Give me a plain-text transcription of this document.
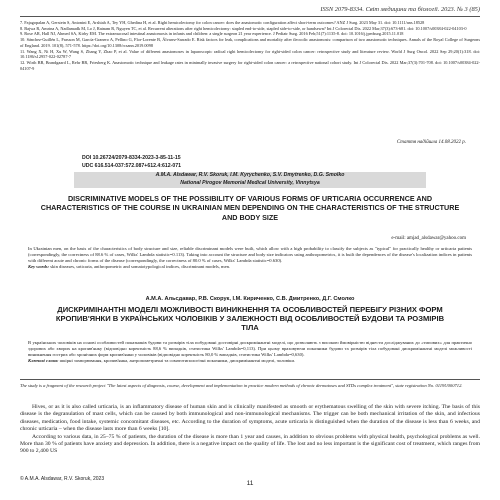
ISSN 2079-8334. Світ медицини та біології. 2023. № 3 (85)

7. Fajagopalan A, Gerstein S, Antonini E, Arshiah A, Tey YH, Ghedina H, et al. Right hemicolectomy for colon cancer: does the anastomotic configuration affect short-term outcomes? ANZ J Surg. 2023 May 31. doi: 10.1111/ans.18528

8. Bajwa R, Amrina A, Nadlamadk M, Lo J, Ratnam R, Nguyen TC, et al. Recurrent alterations after right hemicolectomy: stapled end-to-side, stapled side-to-side, or handsewn? Int J Colorectal Dis. 2022 Mar;37(3):673-681. doi: 10.1007/s00384-022-04103-0

9. Rose AR, Hall NJ, Ahmed SA, Kirby EM. The extramucosal intestinal anastomosis in infants and children: a single surgeon 21 year experience. J Pediatr Surg. 2016 Feb;51(7):1135-8. doi: 10.1016/j.jpedsurg.2015.11.018

10. Sánchez-Guillén L, Frasson M, García-Granero A, Pellino G, Flor-Lorente B, Álvarez-Sarrado E. Risk factors for leak, complications and mortality after ileocolic anastomosis: comparison of two anastomotic techniques. Annals of the Royal College of Surgeons of England. 2019. 101(8), 571-578. https://doi.org/10.1308/rcsann.2019.0098

11. Wang X, Ni H, Xu W, Wang S, Zhang Y, Zhao P, et al. Value of different anastomoses in laparoscopic radical right hemicolectomy for right-sided colon cancer: retrospective study and literature review. World J Surg Oncol. 2022 Sep 29;20(1):318. doi: 10.1186/s12957-022-02787-7

12. Wirth BB, Brandgaard L, Rehr BR, Friesberg K. Anastomotic technique and leakage rates in minimally invasive surgery for right-sided colon cancer: a retrospective national cohort study. Int J Colorectal Dis. 2022 Mar;37(3):701-708. doi: 10.1007/s00384-022-04107-9

Стаття надійшла 14.08.2022 р.
DOI 10.26724/2079-8334-2023-3-85-11-15
UDC 616.514-037:572.087+612.4:612-071
A.M.A. Alsdawar, R.V. Skoruk, I.M. Kyrychenko, S.V. Dmytrenko, D.G. Smolko
National Pirogov Memorial Medical University, Vinnytsya
DISCRIMINATIVE MODELS OF THE POSSIBILITY OF VARIOUS FORMS OF URTICARIA OCCURRENCE AND CHARACTERISTICS OF THE COURSE IN UKRAINIAN MEN DEPENDING ON THE CHARACTERISTICS OF THE STRUCTURE AND BODY SIZE
e-mail: amjad_alsdawar@yahoo.com
In Ukrainian men, on the basis of the characteristics of body structure and size, reliable discriminant models were built, which allow with a high probability to classify the subjects as "typical" for practically healthy or urticaria patients (correspondingly, the correctness of 88.6 % of cases, Wilks' Lambda statistic=0.113). Taking into account the structure and body size indicators using anthropometrics, it is built the dependences of the disease's localization indices in patients with different acute and chronic forms of the disease (correspondingly, the correctness of 80.0 % of cases, Wilks' Lambda statistic=0.630).
Key words: skin diseases, urticaria, anthropometric and somatotypological indices, discriminant models, men.
А.М.А. Альсдавар, Р.В. Скорук, І.М. Кириченко, С.В. Дмитренко, Д.Г. Смолко
ДИСКРИМІНАНТНІ МОДЕЛІ МОЖЛИВОСТІ ВИНИКНЕННЯ ТА ОСОБЛИВОСТЕЙ ПЕРЕБІГУ РІЗНИХ ФОРМ КРОПИВ'ЯНКИ В УКРАЇНСЬКИХ ЧОЛОВІКІВ У ЗАЛЕЖНОСТІ ВІД ОСОБЛИВОСТЕЙ БУДОВИ ТА РОЗМІРІВ ТІЛА
В українських чоловіків на основі особливостей показників будови та розмірів тіла побудовані достовірні дискримінантні моделі, що дозволяють з високою ймовірністю віднести досліджуваних до «типових» для практично здорових або хворих на кропив'янку (відповідно коректність 88,6 % випадків, статистика Wilks' Lambda=0,113). При цьому враховуючи показники будови та розмірів тіла побудовані дискримінантні моделі можливості виникнення гострих або хронічних форм кропив'янки у чоловіків (відповідно коректність 80,0 % випадків, статистика Wilks' Lambda=0,630).
Ключові слова: шкірні захворювання, кропив'янка, антропометричні та соматотипологічні показники, дискримінантні моделі, чоловіки.
The study is a fragment of the research project "The latest aspects of diagnosis, course, development and implementation in practice modern methods of chronic dermatoses and STDs complex treatment", state registration No. 0119U000712.

Hives, or as it is also called urticaria, is an inflammatory disease of human skin and is clinically manifested as smooth or erythematous swelling of the skin with severe itching. The basis of this disease is the degranulation of mast cells, which can be caused by both immunological and non-immunological mechanisms. The trigger can be both mechanical irritation of the skin, and infectious diseases, medication, food intake, systemic concomitant diseases, etc. According to the duration of symptoms, acute urticaria is distinguished when the duration of the disease is less than 6 weeks, and chronic urticaria – when the disease lasts more than 6 weeks [10].

According to various data, in 25–75 % of patients, the duration of the disease is more than 1 year and causes, in addition to obvious problems with physical health, psychological problems as well. More than 30 % of patients have anxiety and depression. In addition, there is a negative impact on the quality of life. The lost and no less important is the significant cost of treatment, which ranges from 900 to 2,400 US

© A.M.A. Alsdawar, R.V. Skoruk, 2023
11
